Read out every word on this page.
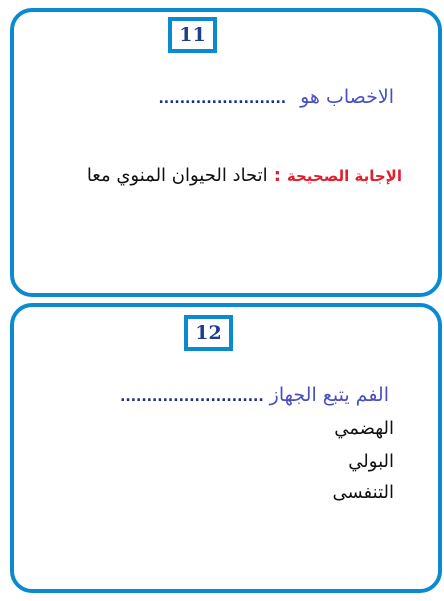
11
الاخصاب هو........................
الإجابة الصحيحة:اتحاد الحيوان المنوي معا
12
الفم يتبع الجهاز...........................
الهضمي
البولي
التنفسى
